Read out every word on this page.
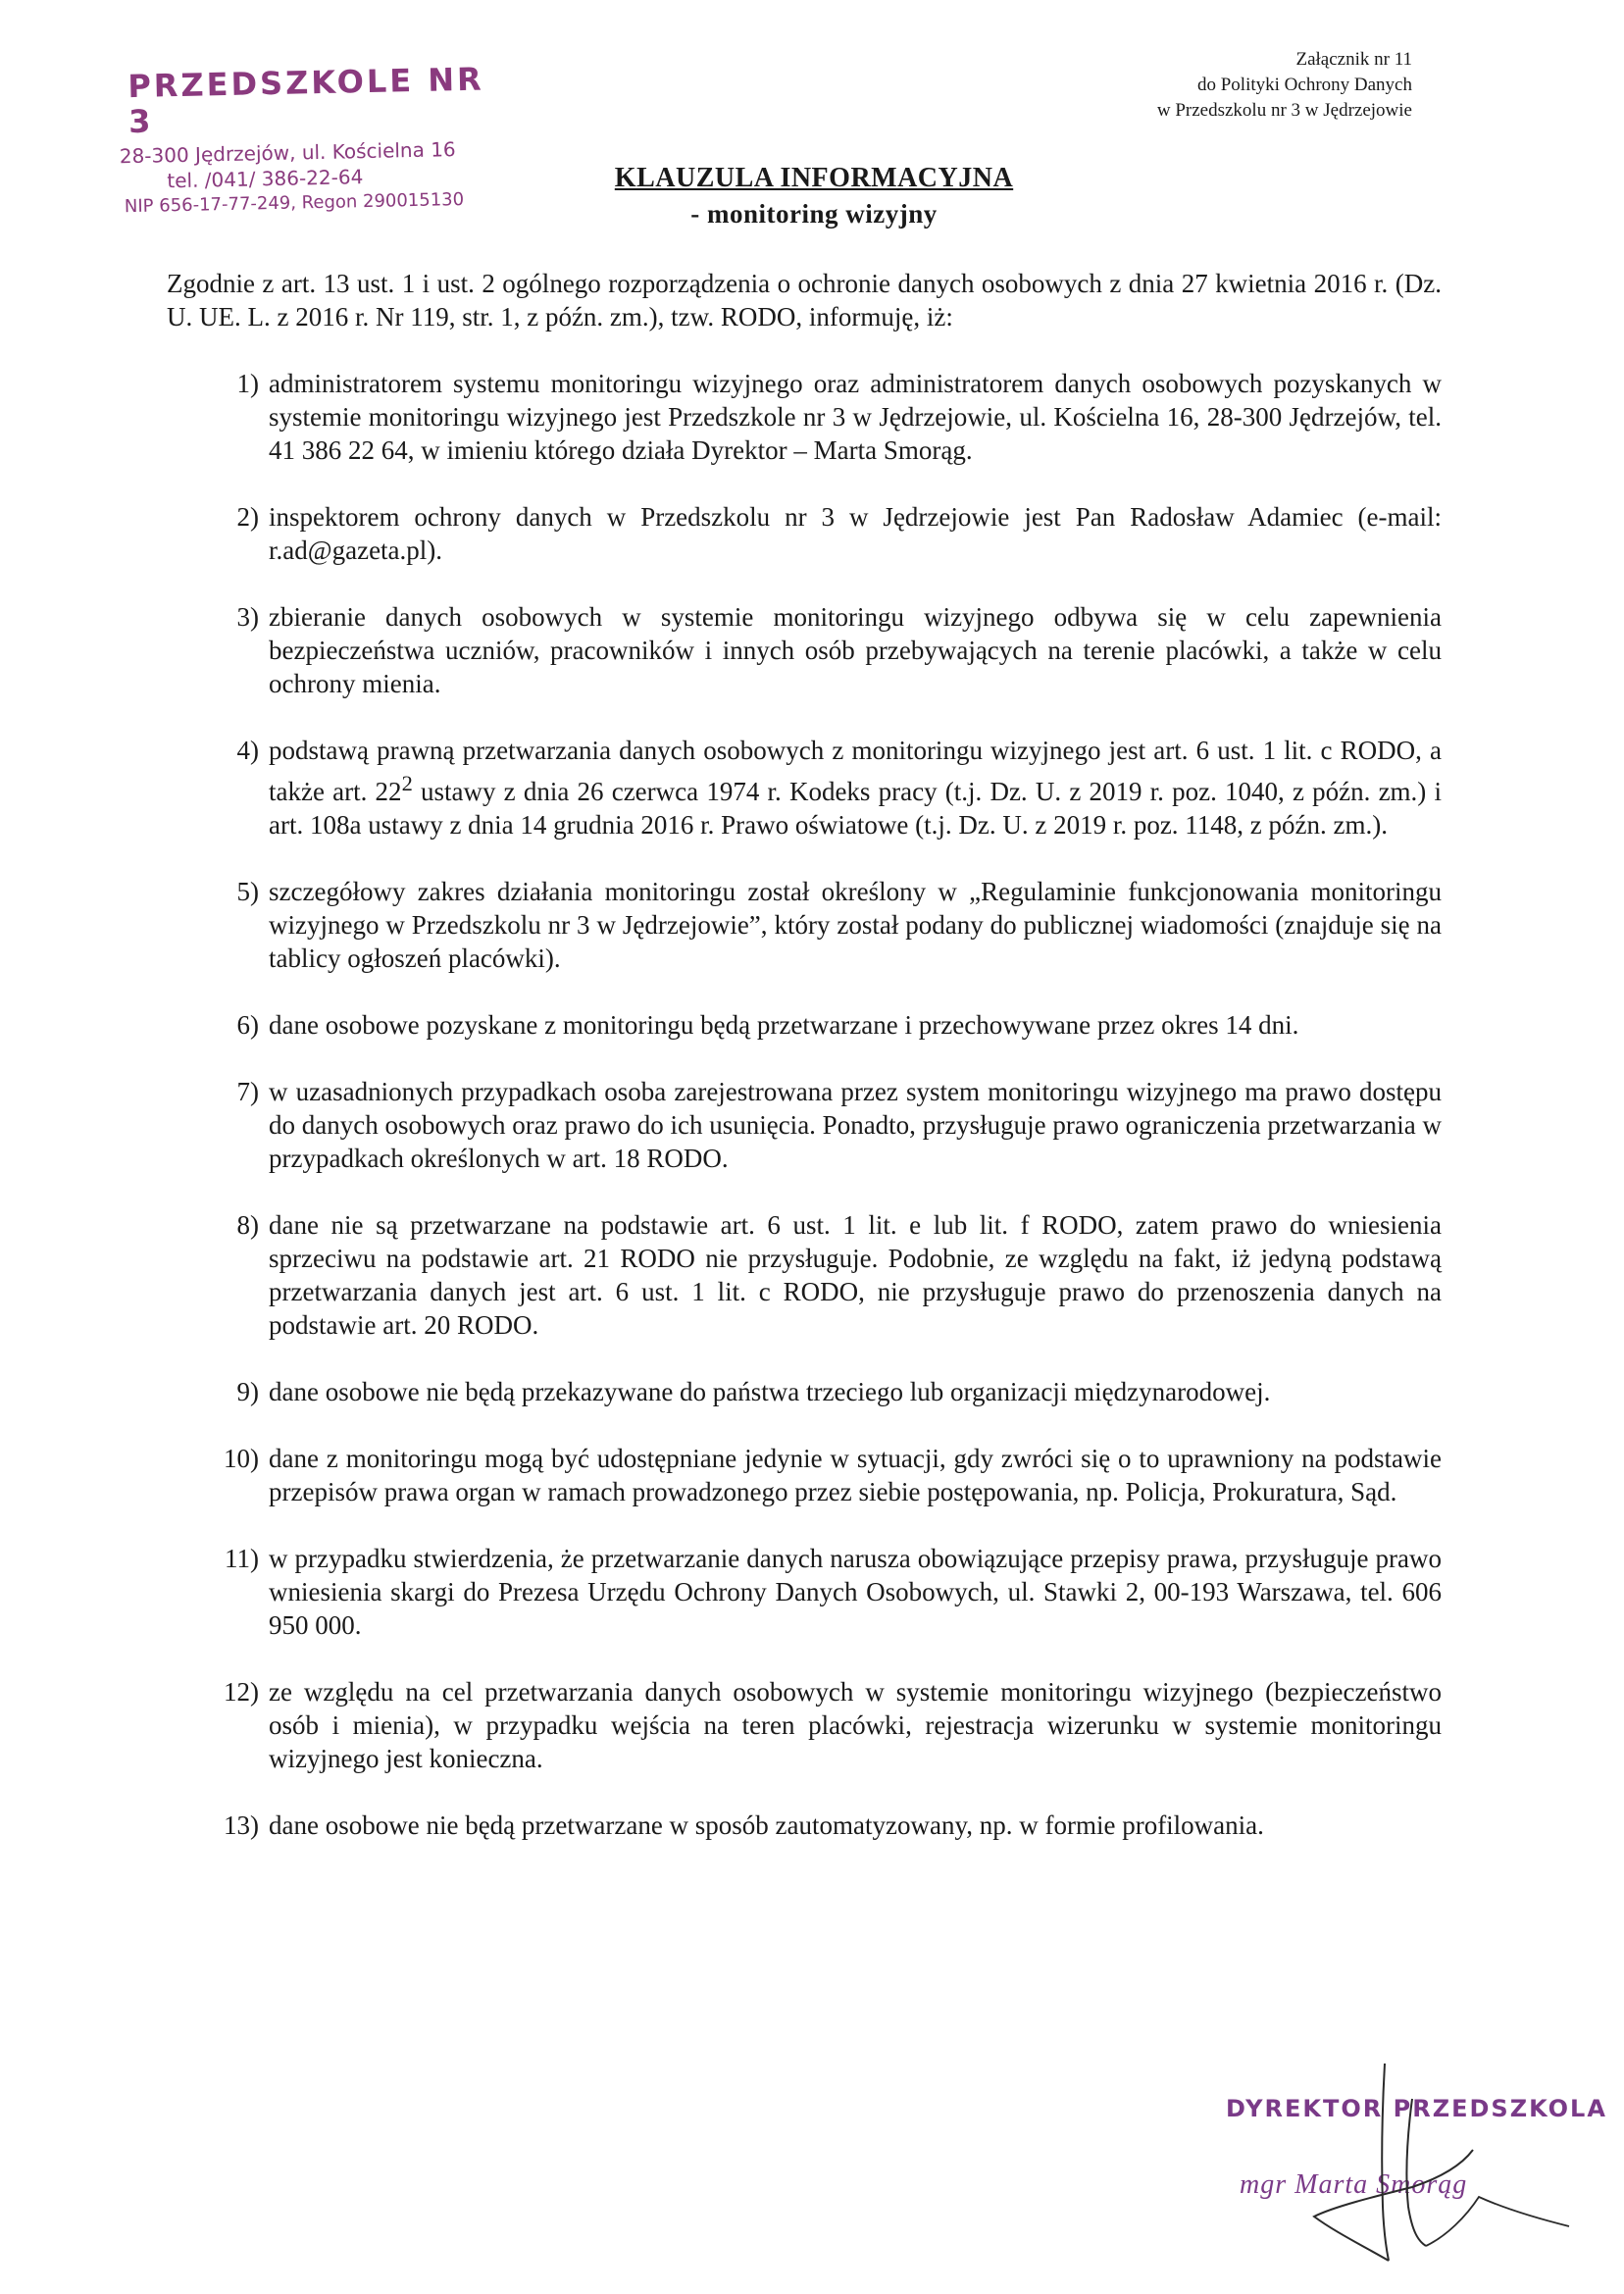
PRZEDSZKOLE NR 3
28-300 Jędrzejów, ul. Kościelna 16
tel. /041/ 386-22-64
NIP 656-17-77-249, Regon 290015130
Załącznik nr 11
do Polityki Ochrony Danych
w Przedszkolu nr 3 w Jędrzejowie
KLAUZULA INFORMACYJNA
- monitoring wizyjny
Zgodnie z art. 13 ust. 1 i ust. 2 ogólnego rozporządzenia o ochronie danych osobowych z dnia 27 kwietnia 2016 r. (Dz. U. UE. L. z 2016 r. Nr 119, str. 1, z późn. zm.), tzw. RODO, informuję, iż:
1) administratorem systemu monitoringu wizyjnego oraz administratorem danych osobowych pozyskanych w systemie monitoringu wizyjnego jest Przedszkole nr 3 w Jędrzejowie, ul. Kościelna 16, 28-300 Jędrzejów, tel. 41 386 22 64, w imieniu którego działa Dyrektor – Marta Smorąg.
2) inspektorem ochrony danych w Przedszkolu nr 3 w Jędrzejowie jest Pan Radosław Adamiec (e-mail: r.ad@gazeta.pl).
3) zbieranie danych osobowych w systemie monitoringu wizyjnego odbywa się w celu zapewnienia bezpieczeństwa uczniów, pracowników i innych osób przebywających na terenie placówki, a także w celu ochrony mienia.
4) podstawą prawną przetwarzania danych osobowych z monitoringu wizyjnego jest art. 6 ust. 1 lit. c RODO, a także art. $22^2$ ustawy z dnia 26 czerwca 1974 r. Kodeks pracy (t.j. Dz. U. z 2019 r. poz. 1040, z późn. zm.) i art. 108a ustawy z dnia 14 grudnia 2016 r. Prawo oświatowe (t.j. Dz. U. z 2019 r. poz. 1148, z późn. zm.).
5) szczegółowy zakres działania monitoringu został określony w „Regulaminie funkcjonowania monitoringu wizyjnego w Przedszkolu nr 3 w Jędrzejowie”, który został podany do publicznej wiadomości (znajduje się na tablicy ogłoszeń placówki).
6) dane osobowe pozyskane z monitoringu będą przetwarzane i przechowywane przez okres 14 dni.
7) w uzasadnionych przypadkach osoba zarejestrowana przez system monitoringu wizyjnego ma prawo dostępu do danych osobowych oraz prawo do ich usunięcia. Ponadto, przysługuje prawo ograniczenia przetwarzania w przypadkach określonych w art. 18 RODO.
8) dane nie są przetwarzane na podstawie art. 6 ust. 1 lit. e lub lit. f RODO, zatem prawo do wniesienia sprzeciwu na podstawie art. 21 RODO nie przysługuje. Podobnie, ze względu na fakt, iż jedyną podstawą przetwarzania danych jest art. 6 ust. 1 lit. c RODO, nie przysługuje prawo do przenoszenia danych na podstawie art. 20 RODO.
9) dane osobowe nie będą przekazywane do państwa trzeciego lub organizacji międzynarodowej.
10) dane z monitoringu mogą być udostępniane jedynie w sytuacji, gdy zwróci się o to uprawniony na podstawie przepisów prawa organ w ramach prowadzonego przez siebie postępowania, np. Policja, Prokuratura, Sąd.
11) w przypadku stwierdzenia, że przetwarzanie danych narusza obowiązujące przepisy prawa, przysługuje prawo wniesienia skargi do Prezesa Urzędu Ochrony Danych Osobowych, ul. Stawki 2, 00-193 Warszawa, tel. 606 950 000.
12) ze względu na cel przetwarzania danych osobowych w systemie monitoringu wizyjnego (bezpieczeństwo osób i mienia), w przypadku wejścia na teren placówki, rejestracja wizerunku w systemie monitoringu wizyjnego jest konieczna.
13) dane osobowe nie będą przetwarzane w sposób zautomatyzowany, np. w formie profilowania.
DYREKTOR PRZEDSZKOLA
mgr Marta Smorąg
